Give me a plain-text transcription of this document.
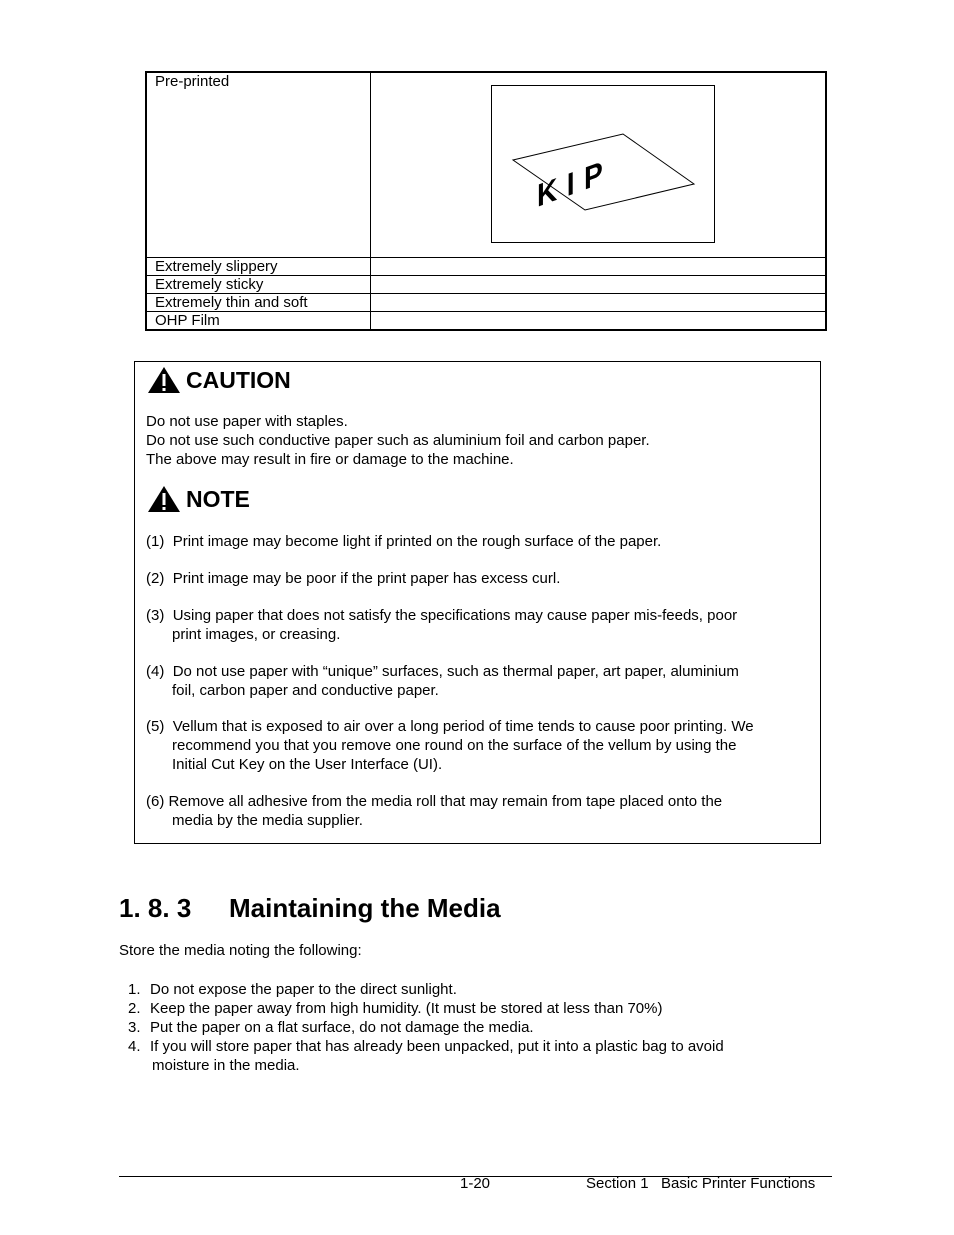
Pre-printed	KIP

Extremely slippery	
Extremely sticky	
Extremely thin and soft	
OHP Film	
CAUTION
Do not use paper with staples.
Do not use such conductive paper such as aluminium foil and carbon paper.
The above may result in fire or damage to the machine.
NOTE
(1) Print image may become light if printed on the rough surface of the paper.
(2) Print image may be poor if the print paper has excess curl.
(3) Using paper that does not satisfy the specifications may cause paper mis-feeds, poor
print images, or creasing.
(4) Do not use paper with “unique” surfaces, such as thermal paper, art paper, aluminium
foil, carbon paper and conductive paper.
(5) Vellum that is exposed to air over a long period of time tends to cause poor printing. We
recommend you that you remove one round on the surface of the vellum by using the
Initial Cut Key on the User Interface (UI).
(6) Remove all adhesive from the media roll that may remain from tape placed onto the
media by the media supplier.
1. 8. 3 Maintaining the Media
Store the media noting the following:
1. Do not expose the paper to the direct sunlight.
2. Keep the paper away from high humidity. (It must be stored at less than 70%)
3. Put the paper on a flat surface, do not damage the media.
4. If you will store paper that has already been unpacked, put it into a plastic bag to avoid
moisture in the media.
1-20	Section 1   Basic Printer Functions
